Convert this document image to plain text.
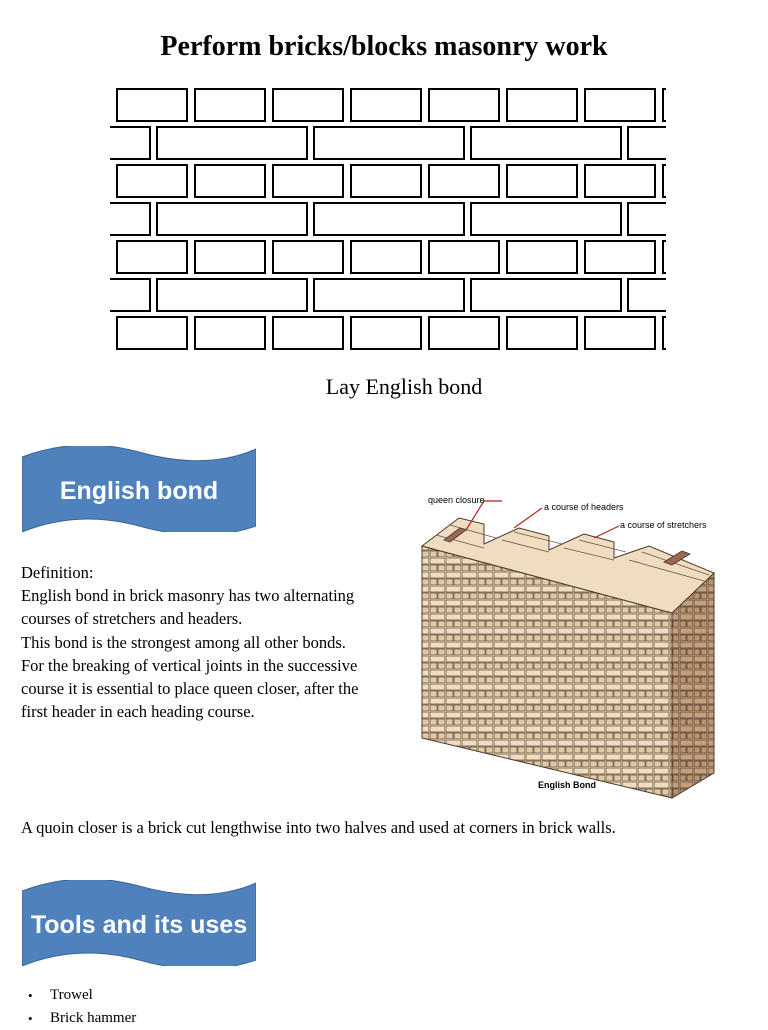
Perform bricks/blocks masonry work
Lay English bond
English bond

Definition:

English bond in brick masonry has two alternating courses of stretchers and headers.

This bond is the strongest among all other bonds.

For the breaking of vertical joints in the successive course it is essential to place queen closer, after the first header in each heading course.

queen closure
a course of headers
a course of stretchers
English Bond
A quoin closer is a brick cut lengthwise into two halves and used at corners in brick walls.
Tools and its uses
• Trowel
• Brick hammer
